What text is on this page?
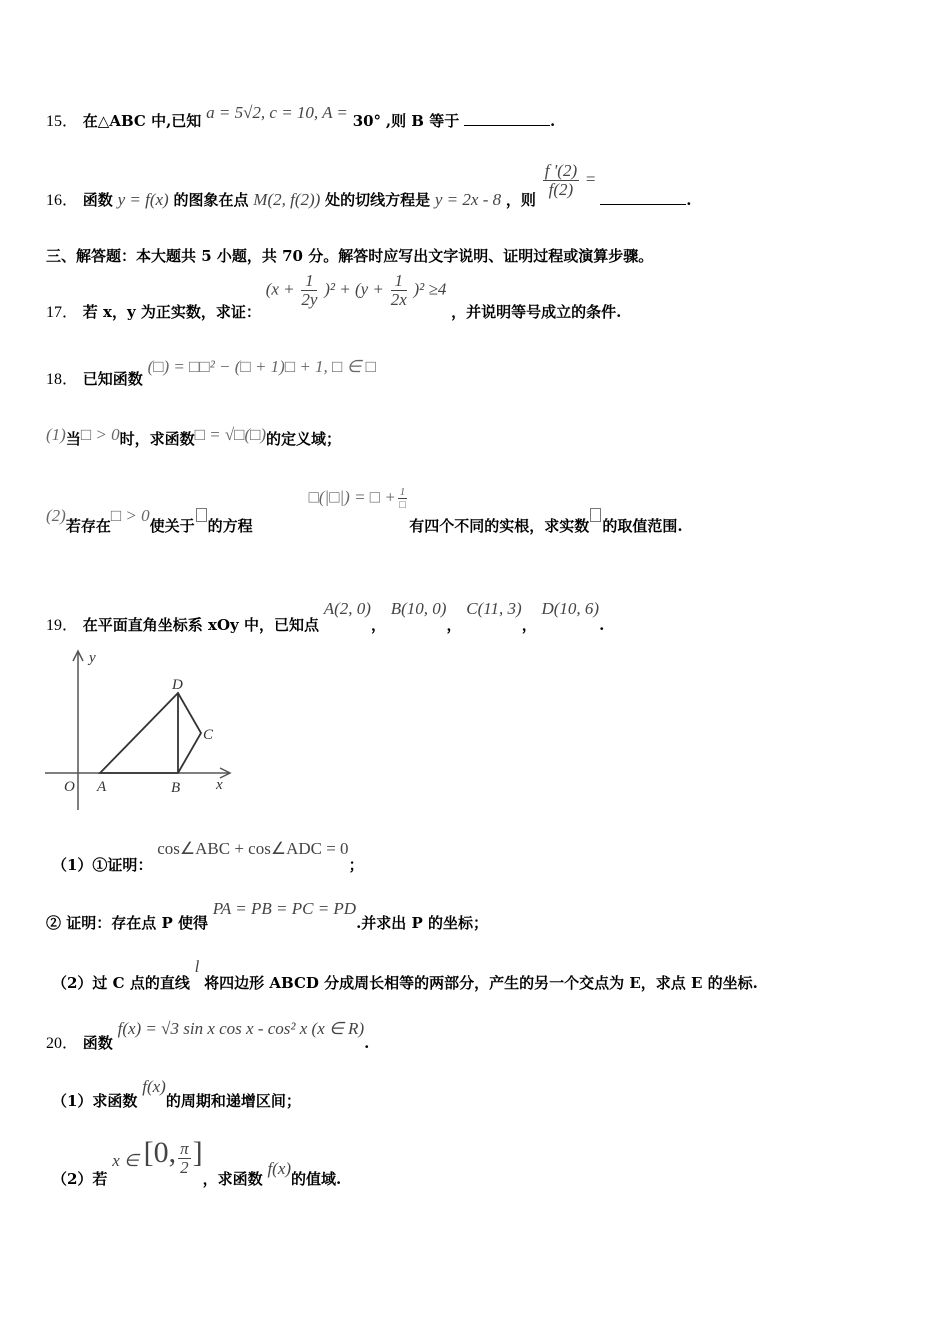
15． 在△ABC 中,已知 a = 5√2, c = 10, A = 30° ,则 B 等于	.
16． 函数 y = f(x) 的图象在点 M(2, f(2)) 处的切线方程是 y = 2x - 8 ，则
$\frac{f '(2)}{f(2)}$ = .
三、解答题：本大题共 5 小题，共 70 分。解答时应写出文字说明、证明过程或演算步骤。
17． 若 x，y 为正实数，求证： $(x + \frac{1}{2y} )^2 + (y + \frac{1}{2x} )^2 \ge 4$ ，并说明等号成立的条件.
18． 已知函数 (□) = □□² − (□ + 1)□ + 1, □ ∈ □
(1)当□ > 0时，求函数□ = √□(□)的定义域；
(2)若存在□ > 0使关于 的方程□(|□|) = □ + $\frac{1}{□}$
有四个不同的实根，求实数 的取值范围.
19． 在平面直角坐标系 xOy 中，已知点 A(2, 0)， B(10, 0)， C(11, 3)， D(10, 6).
y
x
O A	B
C
D
（1）①证明： cos∠ABC + cos∠ADC = 0；
② 证明：存在点 P 使得 PA = PB = PC = PD.并求出 P 的坐标；
（2）过 C 点的直线 l 将四边形 ABCD 分成周长相等的两部分，产生的另一个交点为 E，求点 E 的坐标.
20． 函数 f(x) = √3 sin x cos x - cos² x (x ∈ R).
（1）求函数 f(x)的周期和递增区间；
（2）若 x ∈ [0, $\frac{\pi}{2}$ ]，求函数 f(x)的值域.
